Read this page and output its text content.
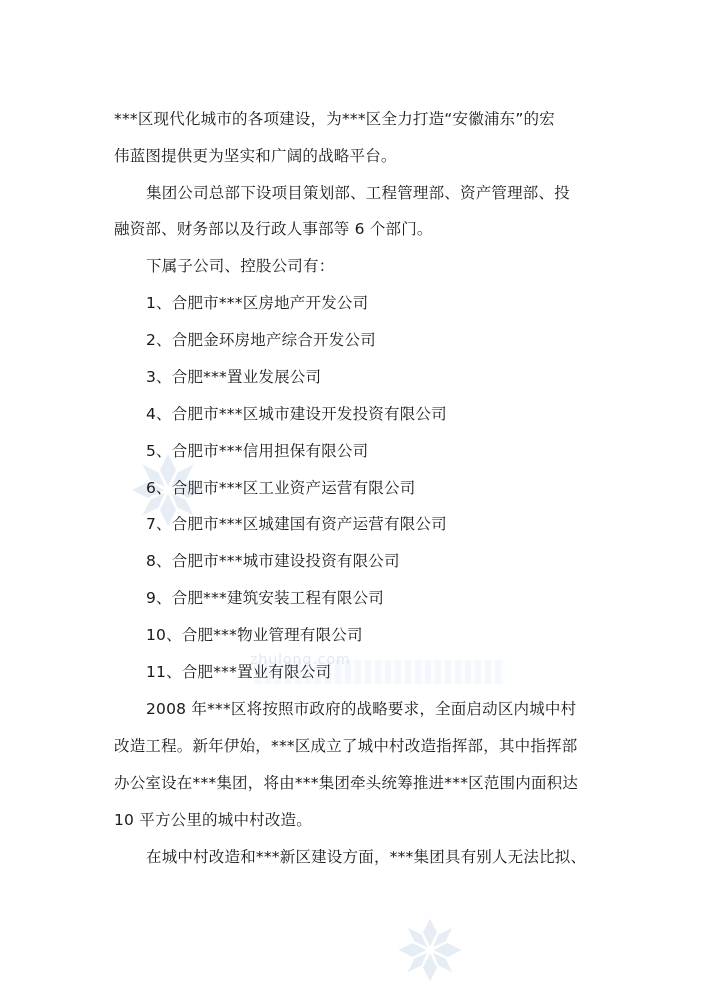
zhulong.com
***区现代化城市的各项建设，为***区全力打造“安徽浦东”的宏
伟蓝图提供更为坚实和广阔的战略平台。
集团公司总部下设项目策划部、工程管理部、资产管理部、投
融资部、财务部以及行政人事部等 6 个部门。
下属子公司、控股公司有：
1、合肥市***区房地产开发公司
2、合肥金环房地产综合开发公司
3、合肥***置业发展公司
4、合肥市***区城市建设开发投资有限公司
5、合肥市***信用担保有限公司
6、合肥市***区工业资产运营有限公司
7、合肥市***区城建国有资产运营有限公司
8、合肥市***城市建设投资有限公司
9、合肥***建筑安装工程有限公司
10、合肥***物业管理有限公司
11、合肥***置业有限公司
2008 年***区将按照市政府的战略要求，全面启动区内城中村
改造工程。新年伊始，***区成立了城中村改造指挥部，其中指挥部
办公室设在***集团，将由***集团牵头统筹推进***区范围内面积达
10 平方公里的城中村改造。
在城中村改造和***新区建设方面，***集团具有别人无法比拟、
